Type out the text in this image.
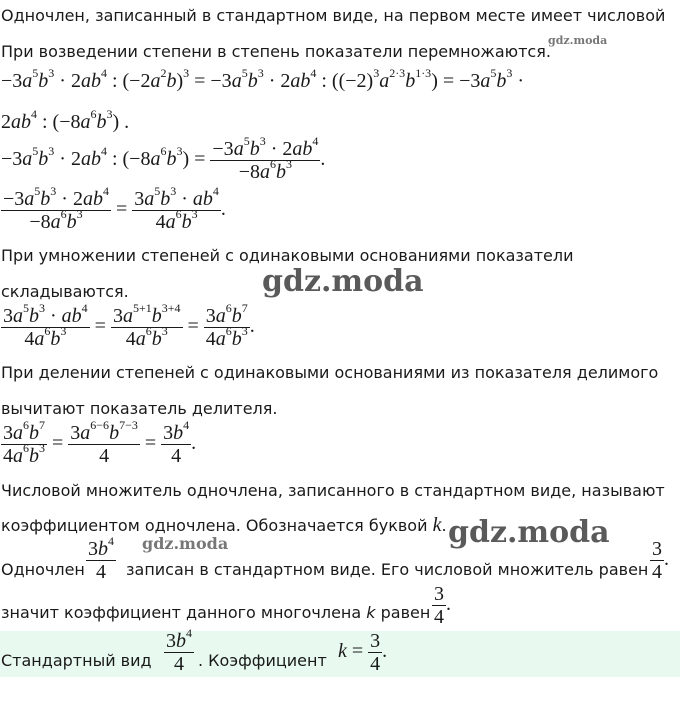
Одночлен, записанный в стандартном виде, на первом месте имеет числовой
При возведении степени в степень показатели перемножаются.
gdz.moda
$-3a^5b^3 \cdot 2ab^4$ : $(-2a^2b)^3 = -3a^5b^3 \cdot 2ab^4$ : $((-2)^3a^{2\cdot 3}b^{1\cdot 3}) = -3a^5b^3$ ·
$2ab^4$ : $(-8a^6b^3)$ .
$-3a^5b^3 \cdot 2ab^4$ : $(-8a^6b^3) = \frac{-3a^5b^3 \cdot 2ab^4}{-8a^6b^3}$ .
$\frac{-3a^5b^3 \cdot 2ab^4}{-8a^6b^3} = \frac{3a^5b^3 \cdot ab^4}{4a^6b^3}$ .
При умножении степеней с одинаковыми основаниями показатели
складываются.	gdz.moda
$\frac{3a^5b^3 \cdot ab^4}{4a^6b^3} = \frac{3a^{5+1}b^{3+4}}{4a^6b^3} = \frac{3a^6b^7}{4a^6b^3}$ .
При делении степеней с одинаковыми основаниями из показателя делимого
вычитают показатель делителя.
$\frac{3a^6b^7}{4a^6b^3} = \frac{3a^{6-6}b^{7-3}}{4} = \frac{3b^4}{4}$ .
Числовой множитель одночлена, записанного в стандартном виде, называют
коэффициентом одночлена. Обозначается буквой k. gdz.moda
Одночлен $\frac{3b^4}{4}$ gdz.moda
записан в стандартном виде. Его числовой множитель равен $\frac{3}{4}$ .
значит коэффициент данного многочлена k равен $\frac{3}{4}$ .
Стандартный вид $\frac{3b^4}{4}$ . Коэффициент $k = \frac{3}{4}$ .
